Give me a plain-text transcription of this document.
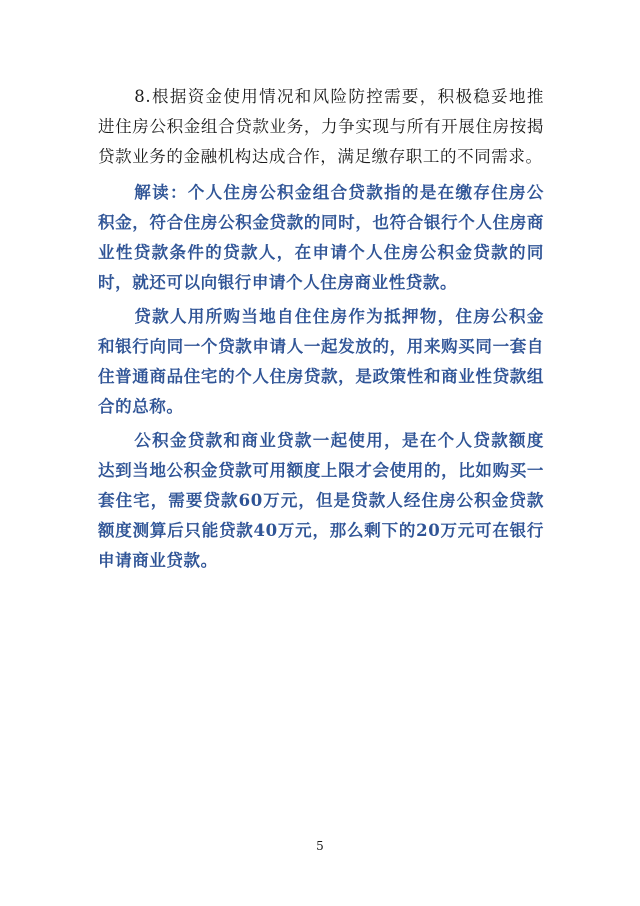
8.根据资金使用情况和风险防控需要，积极稳妥地推进住房公积金组合贷款业务，力争实现与所有开展住房按揭贷款业务的金融机构达成合作，满足缴存职工的不同需求。

解读：个人住房公积金组合贷款指的是在缴存住房公积金，符合住房公积金贷款的同时，也符合银行个人住房商业性贷款条件的贷款人，在申请个人住房公积金贷款的同时，就还可以向银行申请个人住房商业性贷款。

贷款人用所购当地自住住房作为抵押物，住房公积金和银行向同一个贷款申请人一起发放的，用来购买同一套自住普通商品住宅的个人住房贷款，是政策性和商业性贷款组合的总称。

公积金贷款和商业贷款一起使用，是在个人贷款额度达到当地公积金贷款可用额度上限才会使用的，比如购买一套住宅，需要贷款60万元，但是贷款人经住房公积金贷款额度测算后只能贷款40万元，那么剩下的20万元可在银行申请商业贷款。

5
